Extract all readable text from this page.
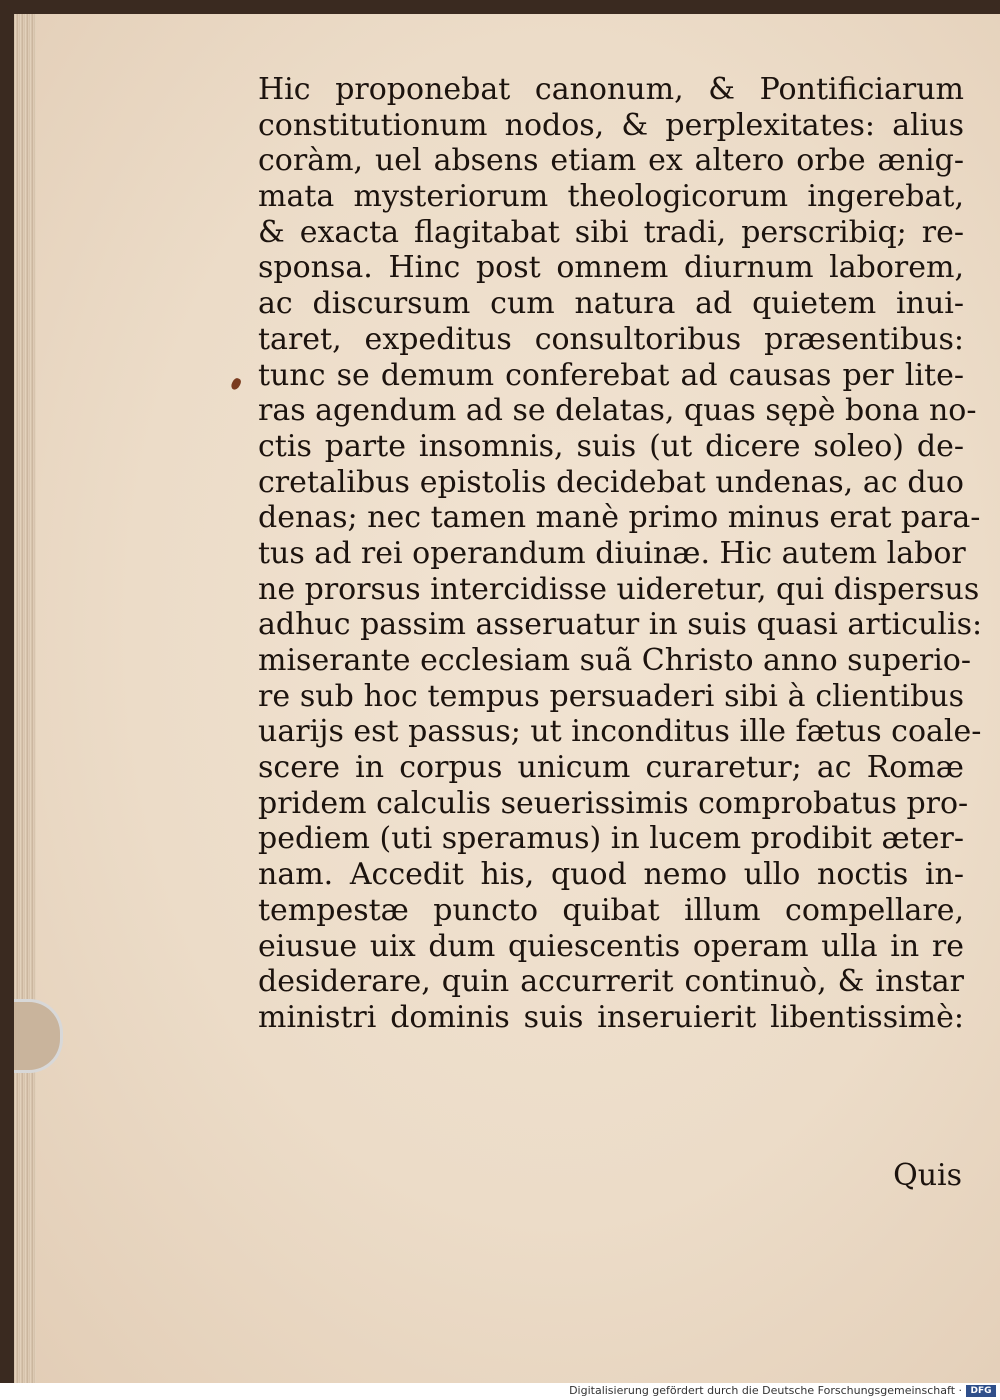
Hic proponebat canonum, & Pontificiarum
constitutionum nodos, & perplexitates: alius
coràm, uel absens etiam ex altero orbe ænig-
mata mysteriorum theologicorum ingerebat,
& exacta flagitabat sibi tradi, perscribiq; re-
sponsa. Hinc post omnem diurnum laborem,
ac discursum cum natura ad quietem inui-
taret, expeditus consultoribus præsentibus:
tunc se demum conferebat ad causas per lite-
ras agendum ad se delatas, quas sępè bona no-
ctis parte insomnis, suis (ut dicere soleo) de-
cretalibus epistolis decidebat undenas, ac duo
denas; nec tamen manè primo minus erat para-
tus ad rei operandum diuinæ. Hic autem labor
ne prorsus intercidisse uideretur, qui dispersus
adhuc passim asseruatur in suis quasi articulis:
miserante ecclesiam suã Christo anno superio-
re sub hoc tempus persuaderi sibi à clientibus
uarijs est passus; ut inconditus ille fætus coale-
scere in corpus unicum curaretur; ac Romæ
pridem calculis seuerissimis comprobatus pro-
pediem (uti speramus) in lucem prodibit æter-
nam. Accedit his, quod nemo ullo noctis in-
tempestæ puncto quibat illum compellare,
eiusue uix dum quiescentis operam ulla in re
desiderare, quin accurrerit continuò, & instar
ministri dominis suis inseruierit libentissimè:
Quis
Digitalisierung gefördert durch die Deutsche Forschungsgemeinschaft · DFG
